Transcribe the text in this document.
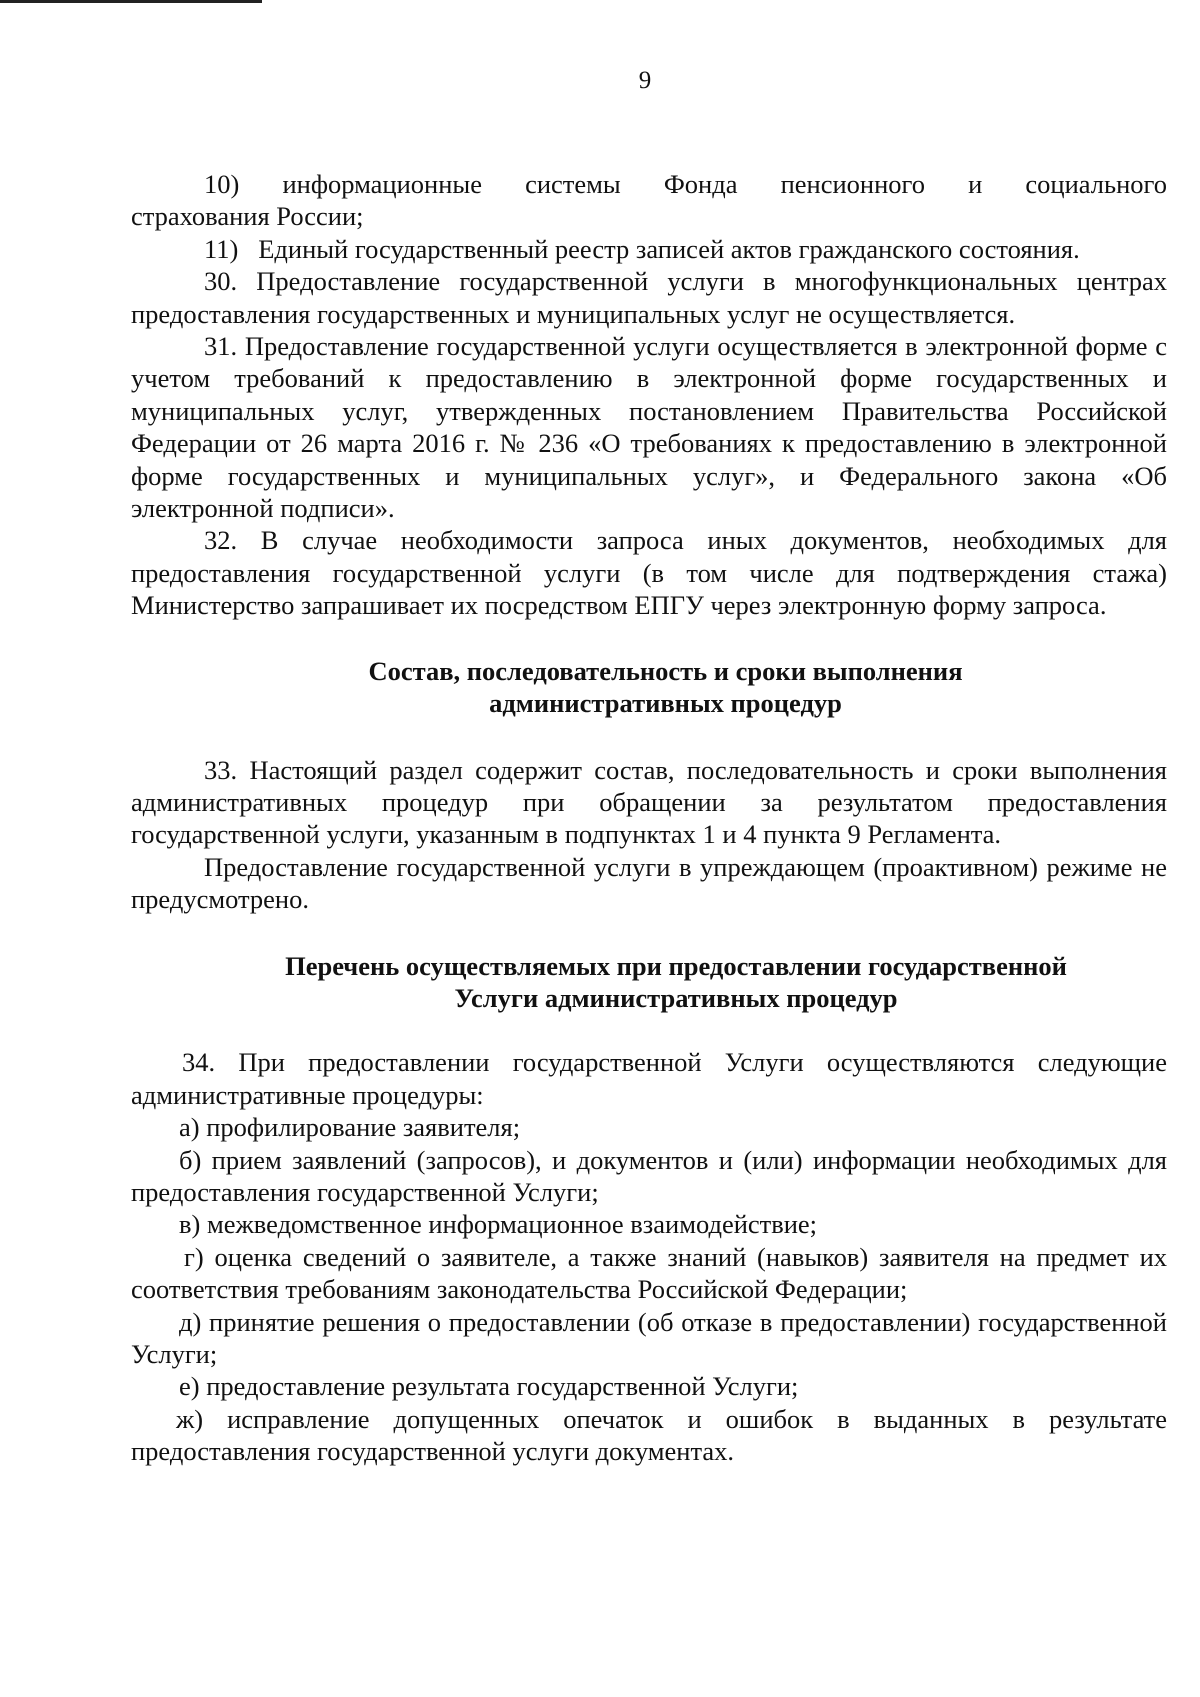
9

10)  информационные  системы  Фонда  пенсионного  и  социального страхования России;

11)  Единый государственный реестр записей актов гражданского состояния.

30. Предоставление государственной услуги в многофункциональных центрах предоставления государственных и муниципальных услуг не осуществляется.

31. Предоставление государственной услуги осуществляется в электронной форме с учетом требований к предоставлению в электронной форме государственных и муниципальных услуг, утвержденных постановлением Правительства Российской Федерации от 26 марта 2016 г. № 236 «О требованиях к предоставлению в электронной форме государственных и муниципальных услуг», и Федерального закона «Об электронной подписи».

32. В случае необходимости запроса иных документов, необходимых для предоставления государственной услуги (в том числе для подтверждения стажа) Министерство запрашивает их посредством ЕПГУ через электронную форму запроса.

Состав, последовательность и сроки выполнения
административных процедур

33. Настоящий раздел содержит состав, последовательность и сроки выполнения административных процедур при обращении за результатом предоставления государственной услуги, указанным в подпунктах 1 и 4 пункта 9 Регламента.

Предоставление государственной услуги в упреждающем (проактивном) режиме не предусмотрено.

Перечень осуществляемых при предоставлении государственной
Услуги административных процедур

34. При предоставлении государственной Услуги осуществляются следующие административные процедуры:

а) профилирование заявителя;

б) прием заявлений (запросов), и документов и (или) информации необходимых для предоставления государственной Услуги;

в) межведомственное информационное взаимодействие;

г) оценка сведений о заявителе, а также знаний (навыков) заявителя на предмет их соответствия требованиям законодательства Российской Федерации;

д) принятие решения о предоставлении (об отказе в предоставлении) государственной Услуги;

е) предоставление результата государственной Услуги;

ж) исправление допущенных опечаток и ошибок в выданных в результате предоставления государственной услуги документах.
